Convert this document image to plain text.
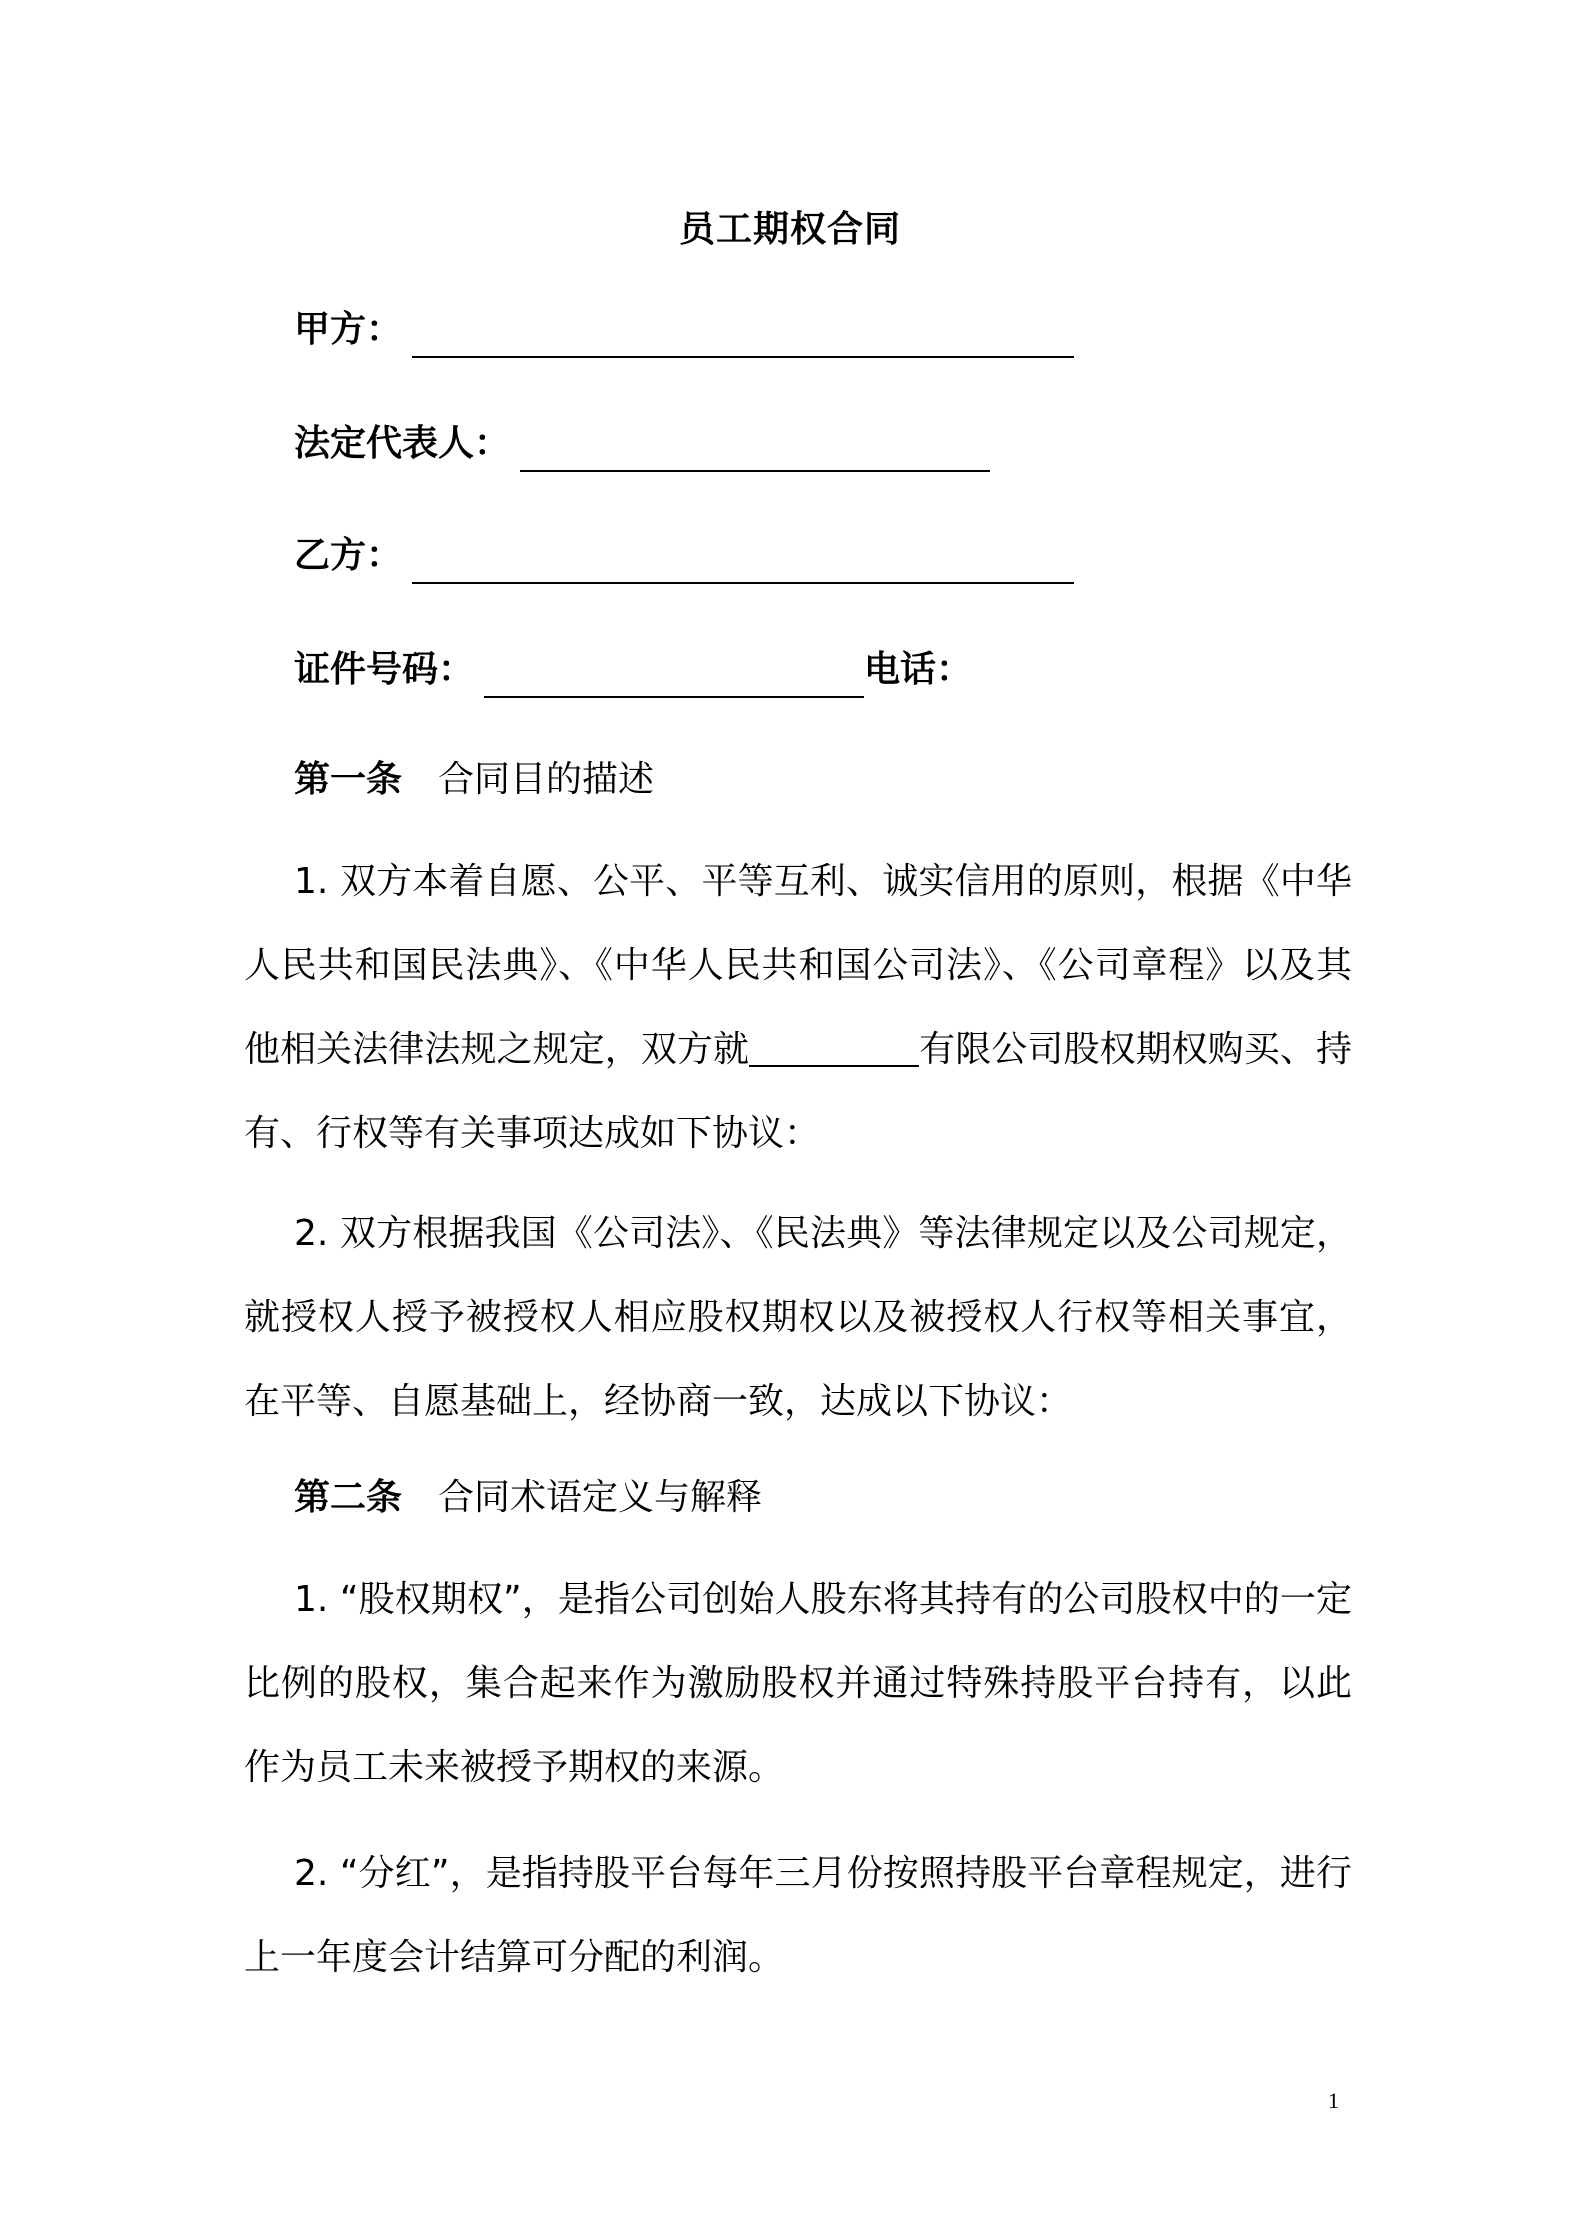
员工期权合同
甲方：
法定代表人：
乙方：
证件号码：	电话：
第一条 合同目的描述
1. 双方本着自愿、公平、平等互利、诚实信用的原则，根据《中华人民共和国民法典》、《中华人民共和国公司法》、《公司章程》以及其他相关法律法规之规定，双方就	有限公司股权期权购买、持有、行权等有关事项达成如下协议：
2. 双方根据我国《公司法》、《民法典》等法律规定以及公司规定，就授权人授予被授权人相应股权期权以及被授权人行权等相关事宜，在平等、自愿基础上，经协商一致，达成以下协议：
第二条 合同术语定义与解释
1. “股权期权”，是指公司创始人股东将其持有的公司股权中的一定比例的股权，集合起来作为激励股权并通过特殊持股平台持有，以此作为员工未来被授予期权的来源。
2. “分红”，是指持股平台每年三月份按照持股平台章程规定，进行上一年度会计结算可分配的利润。
1
